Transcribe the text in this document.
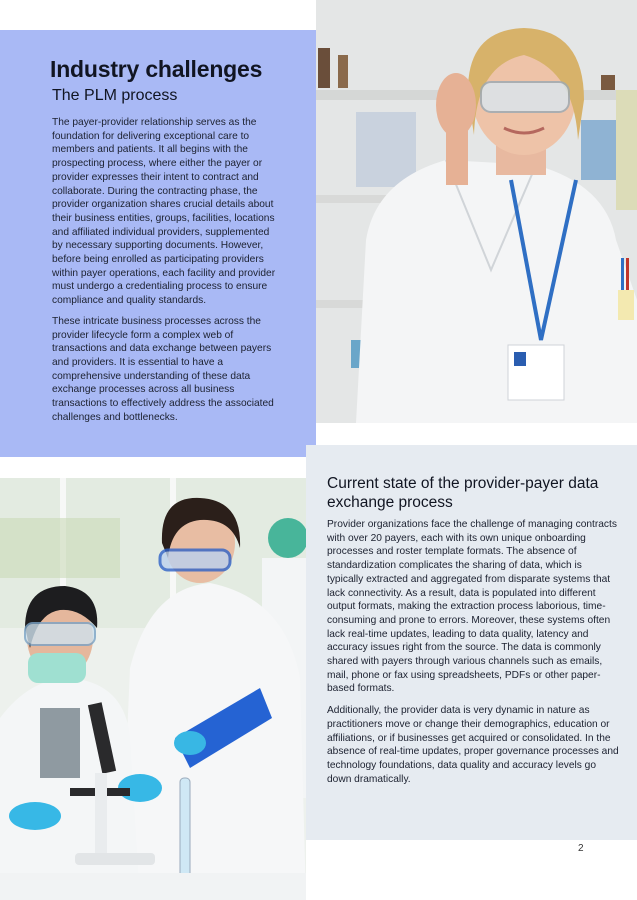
Industry challenges
The PLM process

The payer-provider relationship serves as the foundation for delivering exceptional care to members and patients. It all begins with the prospecting process, where either the payer or provider expresses their intent to contract and collaborate. During the contracting phase, the provider organization shares crucial details about their business entities, groups, facilities, locations and affiliated individual providers, supplemented by necessary supporting documents. However, before being enrolled as participating providers within payer operations, each facility and provider must undergo a credentialing process to ensure compliance and quality standards.

These intricate business processes across the provider lifecycle form a complex web of transactions and data exchange between payers and providers. It is essential to have a comprehensive understanding of these data exchange processes across all business transactions to effectively address the associated challenges and bottlenecks.

Current state of the provider-payer data exchange process

Provider organizations face the challenge of managing contracts with over 20 payers, each with its own unique onboarding processes and roster template formats. The absence of standardization complicates the sharing of data, which is typically extracted and aggregated from disparate systems that lack connectivity. As a result, data is populated into different output formats, making the extraction process laborious, time-consuming and prone to errors. Moreover, these systems often lack real-time updates, leading to data quality, latency and accuracy issues right from the source. The data is commonly shared with payers through various channels such as emails, mail, phone or fax using spreadsheets, PDFs or other paper-based formats.

Additionally, the provider data is very dynamic in nature as practitioners move or change their demographics, education or affiliations, or if businesses get acquired or consolidated. In the absence of real-time updates, proper governance processes and technology foundations, data quality and accuracy levels go down dramatically.

2
